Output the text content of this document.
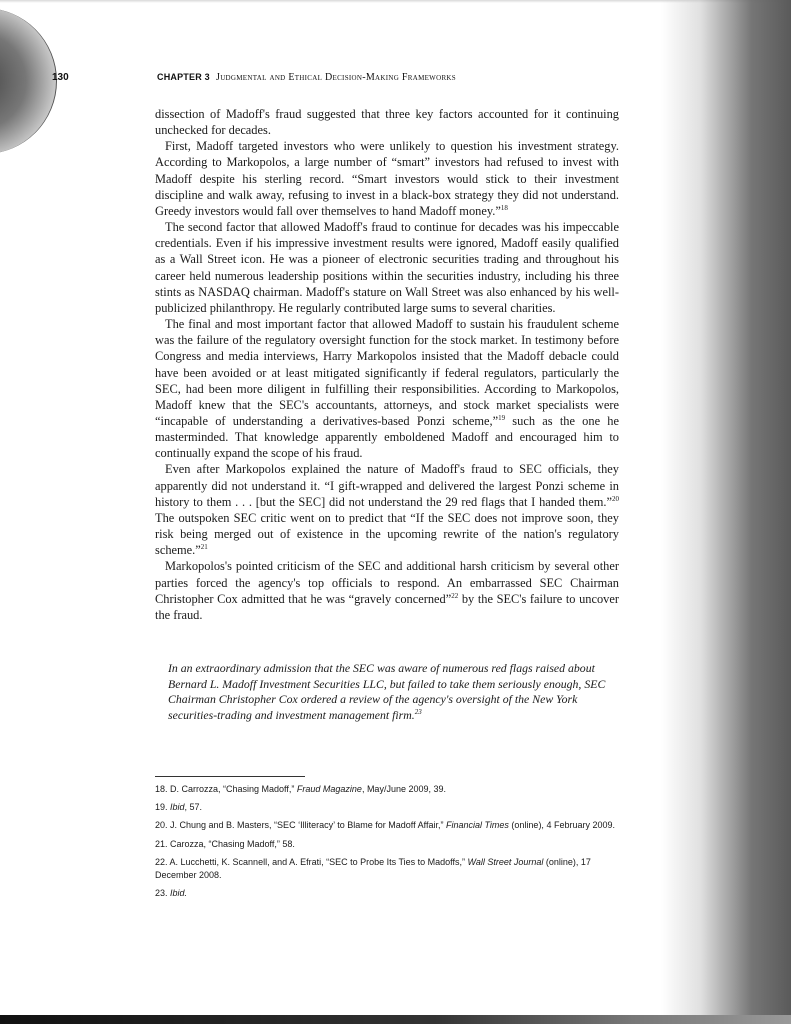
130	CHAPTER 3 Judgmental and Ethical Decision-Making Frameworks

dissection of Madoff's fraud suggested that three key factors accounted for it continuing unchecked for decades.

First, Madoff targeted investors who were unlikely to question his investment strategy. According to Markopolos, a large number of “smart” investors had refused to invest with Madoff despite his sterling record. “Smart investors would stick to their investment discipline and walk away, refusing to invest in a black-box strategy they did not understand. Greedy investors would fall over themselves to hand Madoff money.”$^{18}$

The second factor that allowed Madoff's fraud to continue for decades was his impeccable credentials. Even if his impressive investment results were ignored, Madoff easily qualified as a Wall Street icon. He was a pioneer of electronic securities trading and throughout his career held numerous leadership positions within the securities industry, including his three stints as NASDAQ chairman. Madoff's stature on Wall Street was also enhanced by his well-publicized philanthropy. He regularly contributed large sums to several charities.

The final and most important factor that allowed Madoff to sustain his fraudulent scheme was the failure of the regulatory oversight function for the stock market. In testimony before Congress and media interviews, Harry Markopolos insisted that the Madoff debacle could have been avoided or at least mitigated significantly if federal regulators, particularly the SEC, had been more diligent in fulfilling their responsibilities. According to Markopolos, Madoff knew that the SEC's accountants, attorneys, and stock market specialists were “incapable of understanding a derivatives-based Ponzi scheme,”$^{19}$ such as the one he masterminded. That knowledge apparently emboldened Madoff and encouraged him to continually expand the scope of his fraud.

Even after Markopolos explained the nature of Madoff's fraud to SEC officials, they apparently did not understand it. “I gift-wrapped and delivered the largest Ponzi scheme in history to them . . . [but the SEC] did not understand the 29 red flags that I handed them.”$^{20}$ The outspoken SEC critic went on to predict that “If the SEC does not improve soon, they risk being merged out of existence in the upcoming rewrite of the nation's regulatory scheme.”$^{21}$

Markopolos's pointed criticism of the SEC and additional harsh criticism by several other parties forced the agency's top officials to respond. An embarrassed SEC Chairman Christopher Cox admitted that he was “gravely concerned”$^{22}$ by the SEC's failure to uncover the fraud.

In an extraordinary admission that the SEC was aware of numerous red flags raised about Bernard L. Madoff Investment Securities LLC, but failed to take them seriously enough, SEC Chairman Christopher Cox ordered a review of the agency's oversight of the New York securities-trading and investment management firm.$^{23}$

18. D. Carrozza, “Chasing Madoff,” Fraud Magazine, May/June 2009, 39.

19. Ibid, 57.

20. J. Chung and B. Masters, “SEC ‘Illiteracy’ to Blame for Madoff Affair,” Financial Times (online), 4 February 2009.

21. Carozza, “Chasing Madoff,” 58.

22. A. Lucchetti, K. Scannell, and A. Efrati, “SEC to Probe Its Ties to Madoffs,” Wall Street Journal (online), 17 December 2008.

23. Ibid.
